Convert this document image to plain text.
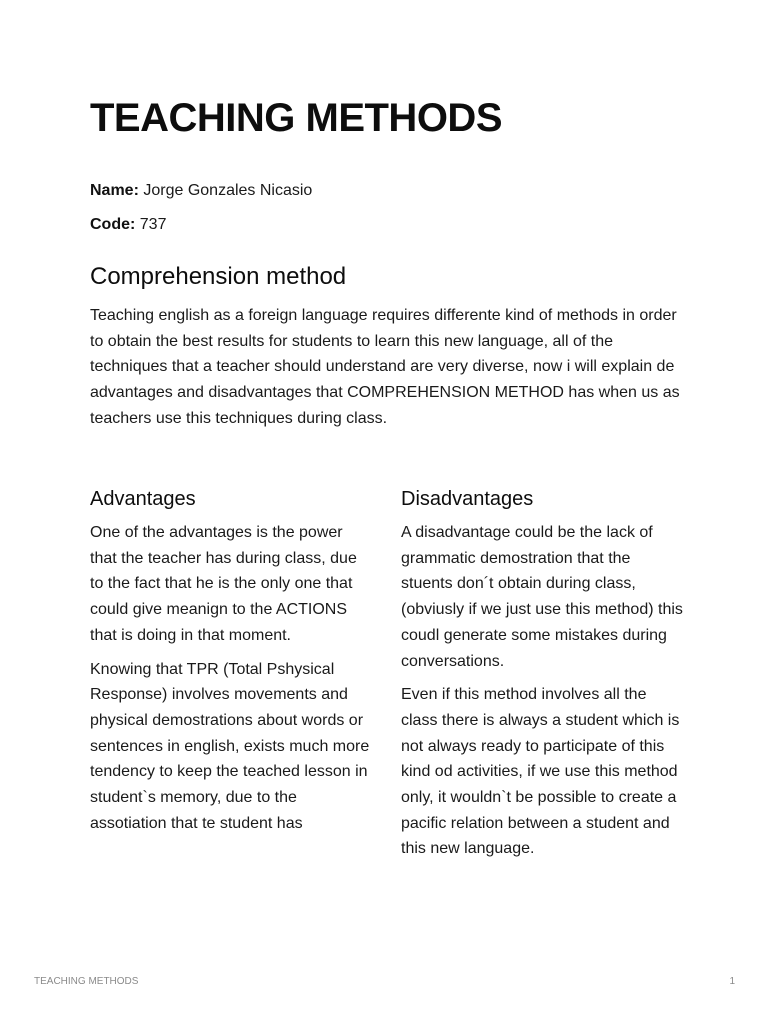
TEACHING METHODS
Name: Jorge Gonzales Nicasio
Code: 737
Comprehension method

Teaching english as a foreign language requires differente kind of methods in order to obtain the best results for students to learn this new language, all of the techniques that a teacher should understand are very diverse, now i will explain de advantages and disadvantages that COMPREHENSION METHOD has when us as teachers use this techniques during class.

Advantages

One of the advantages is the power that the teacher has during class, due to the fact that he is the only one that could give meanign to the ACTIONS that is doing in that moment.

Knowing that TPR (Total Pshysical Response) involves movements and physical demostrations about words or sentences in english, exists much more tendency to keep the teached lesson in student`s memory, due to the assotiation that te student has

Disadvantages

A disadvantage could be the lack of grammatic demostration that the stuents don´t obtain during class, (obviusly if we just use this method) this coudl generate some mistakes during conversations.

Even if this method involves all the class there is always a student which is not always ready to participate of this kind od activities, if we use this method only, it wouldn`t be possible to create a pacific relation between a student and this new language.

TEACHING METHODS	1
